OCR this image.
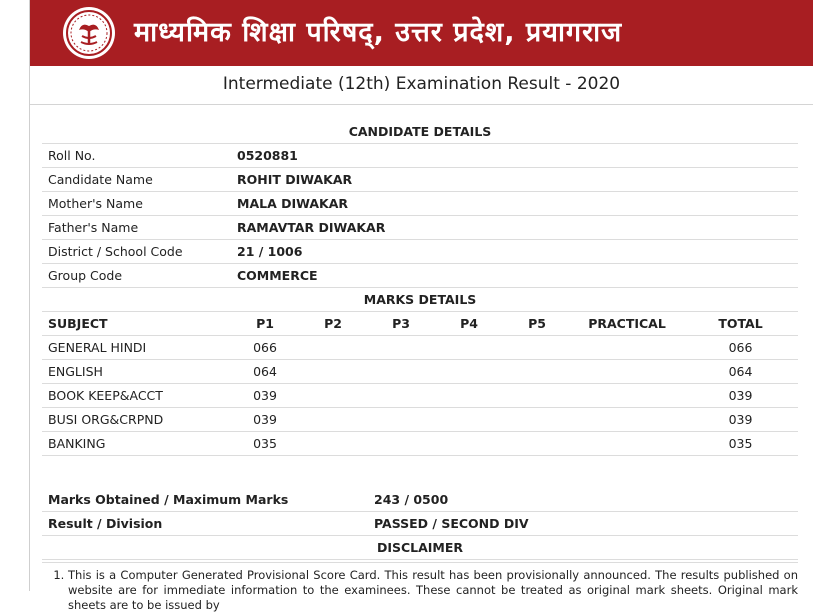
माध्यमिक शिक्षा परिषद्, उत्तर प्रदेश, प्रयागराज
Intermediate (12th) Examination Result - 2020
CANDIDATE DETAILS	
Roll No.	0520881
Candidate Name	ROHIT DIWAKAR
Mother's Name	MALA DIWAKAR
Father's Name	RAMAVTAR DIWAKAR
District / School Code	21 / 1006
Group Code	COMMERCE
MARKS DETAILS							
SUBJECT	P1	P2	P3	P4	P5	PRACTICAL	TOTAL
GENERAL HINDI	066						066
ENGLISH	064						064
BOOK KEEP&ACCT	039						039
BUSI ORG&CRPND	039						039
BANKING	035						035
Marks Obtained / Maximum Marks	243 / 0500
Result / Division	PASSED / SECOND DIV
DISCLAIMER	
1. This is a Computer Generated Provisional Score Card. This result has been provisionally announced. The results published on website are for immediate information to the examinees. These cannot be treated as original mark sheets. Original mark sheets are to be issued by
